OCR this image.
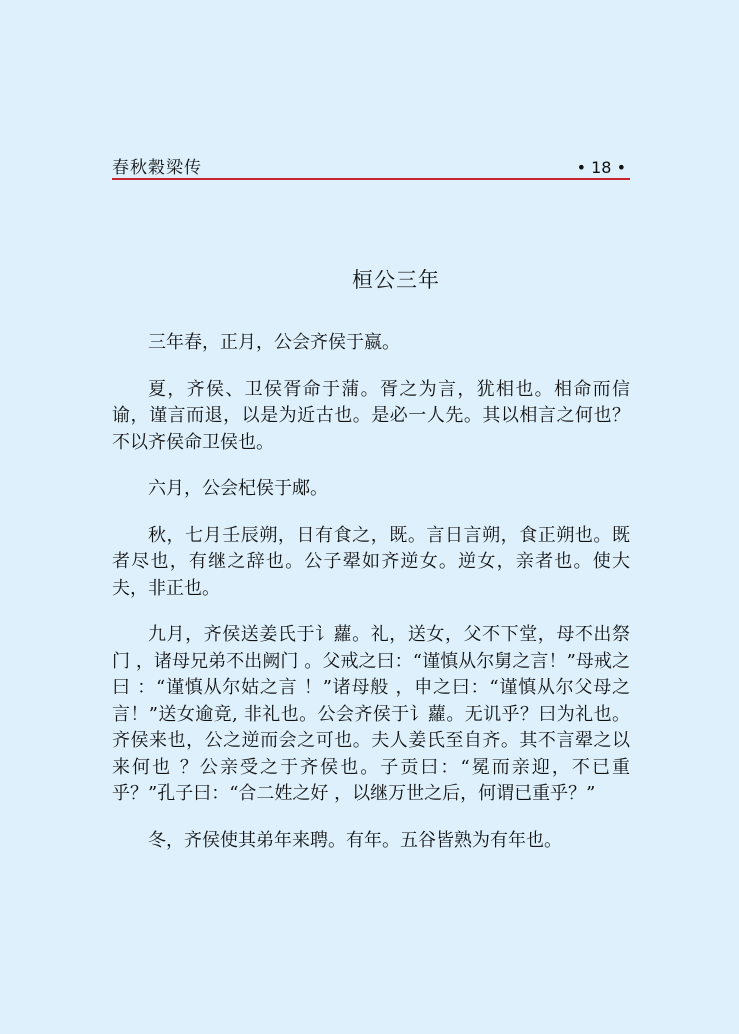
春秋穀梁传	• 18 •
桓公三年

三年春，正月，公会齐侯于嬴。

夏，齐侯、卫侯胥命于蒲。胥之为言，犹相也。相命而信谕，谨言而退，以是为近古也。是必一人先。其以相言之何也？不以齐侯命卫侯也。

六月，公会杞侯于郕。

秋，七月壬辰朔，日有食之，既。言日言朔，食正朔也。既者尽也，有继之辞也。公子翚如齐逆女。逆女，亲者也。使大夫，非正也。

九月，齐侯送姜氏于讠蘿。礼，送女，父不下堂，母不出祭门 ，诸母兄弟不出阙门 。父戒之曰：“谨慎从尔舅之言！”母戒之曰 ：“谨慎从尔姑之言 ！”诸母般 ，申之曰：“谨慎从尔父母之言！”送女逾竟, 非礼也。公会齐侯于讠蘿。无讥乎？曰为礼也。齐侯来也，公之逆而会之可也。夫人姜氏至自齐。其不言翚之以来何也 ？公亲受之于齐侯也。子贡曰：“冕而亲迎，不已重乎？”孔子曰：“合二姓之好 ，以继万世之后，何谓已重乎？”

冬，齐侯使其弟年来聘。有年。五谷皆熟为有年也。
